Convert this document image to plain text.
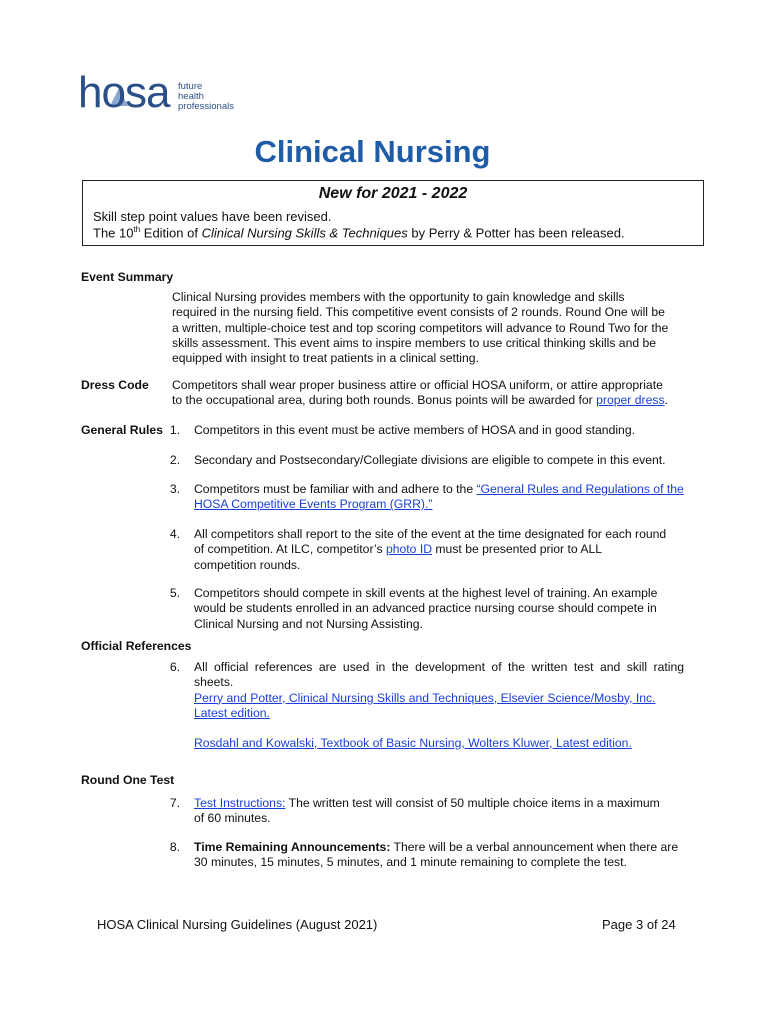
hosa future
health
professionals
Clinical Nursing
New for 2021 - 2022
Skill step point values have been revised.
The 10th Edition of Clinical Nursing Skills & Techniques by Perry & Potter has been released.
Event Summary
Clinical Nursing provides members with the opportunity to gain knowledge and skills
required in the nursing field. This competitive event consists of 2 rounds. Round One will be
a written, multiple-choice test and top scoring competitors will advance to Round Two for the
skills assessment. This event aims to inspire members to use critical thinking skills and be
equipped with insight to treat patients in a clinical setting.
Dress Code Competitors shall wear proper business attire or official HOSA uniform, or attire appropriate
to the occupational area, during both rounds. Bonus points will be awarded for proper dress.
General Rules 1. Competitors in this event must be active members of HOSA and in good standing.
2. Secondary and Postsecondary/Collegiate divisions are eligible to compete in this event.
3. Competitors must be familiar with and adhere to the “General Rules and Regulations of the
HOSA Competitive Events Program (GRR).”
4. All competitors shall report to the site of the event at the time designated for each round
of competition. At ILC, competitor’s photo ID must be presented prior to ALL
competition rounds.
5. Competitors should compete in skill events at the highest level of training. An example
would be students enrolled in an advanced practice nursing course should compete in
Clinical Nursing and not Nursing Assisting.
Official References
6. All official references are used in the development of the written test and skill rating
sheets.
Perry and Potter, Clinical Nursing Skills and Techniques, Elsevier Science/Mosby, Inc.
Latest edition.
Rosdahl and Kowalski, Textbook of Basic Nursing, Wolters Kluwer, Latest edition.
Round One Test
7. Test Instructions: The written test will consist of 50 multiple choice items in a maximum
of 60 minutes.
8. Time Remaining Announcements: There will be a verbal announcement when there are
30 minutes, 15 minutes, 5 minutes, and 1 minute remaining to complete the test.
HOSA Clinical Nursing Guidelines (August 2021)	Page 3 of 24
